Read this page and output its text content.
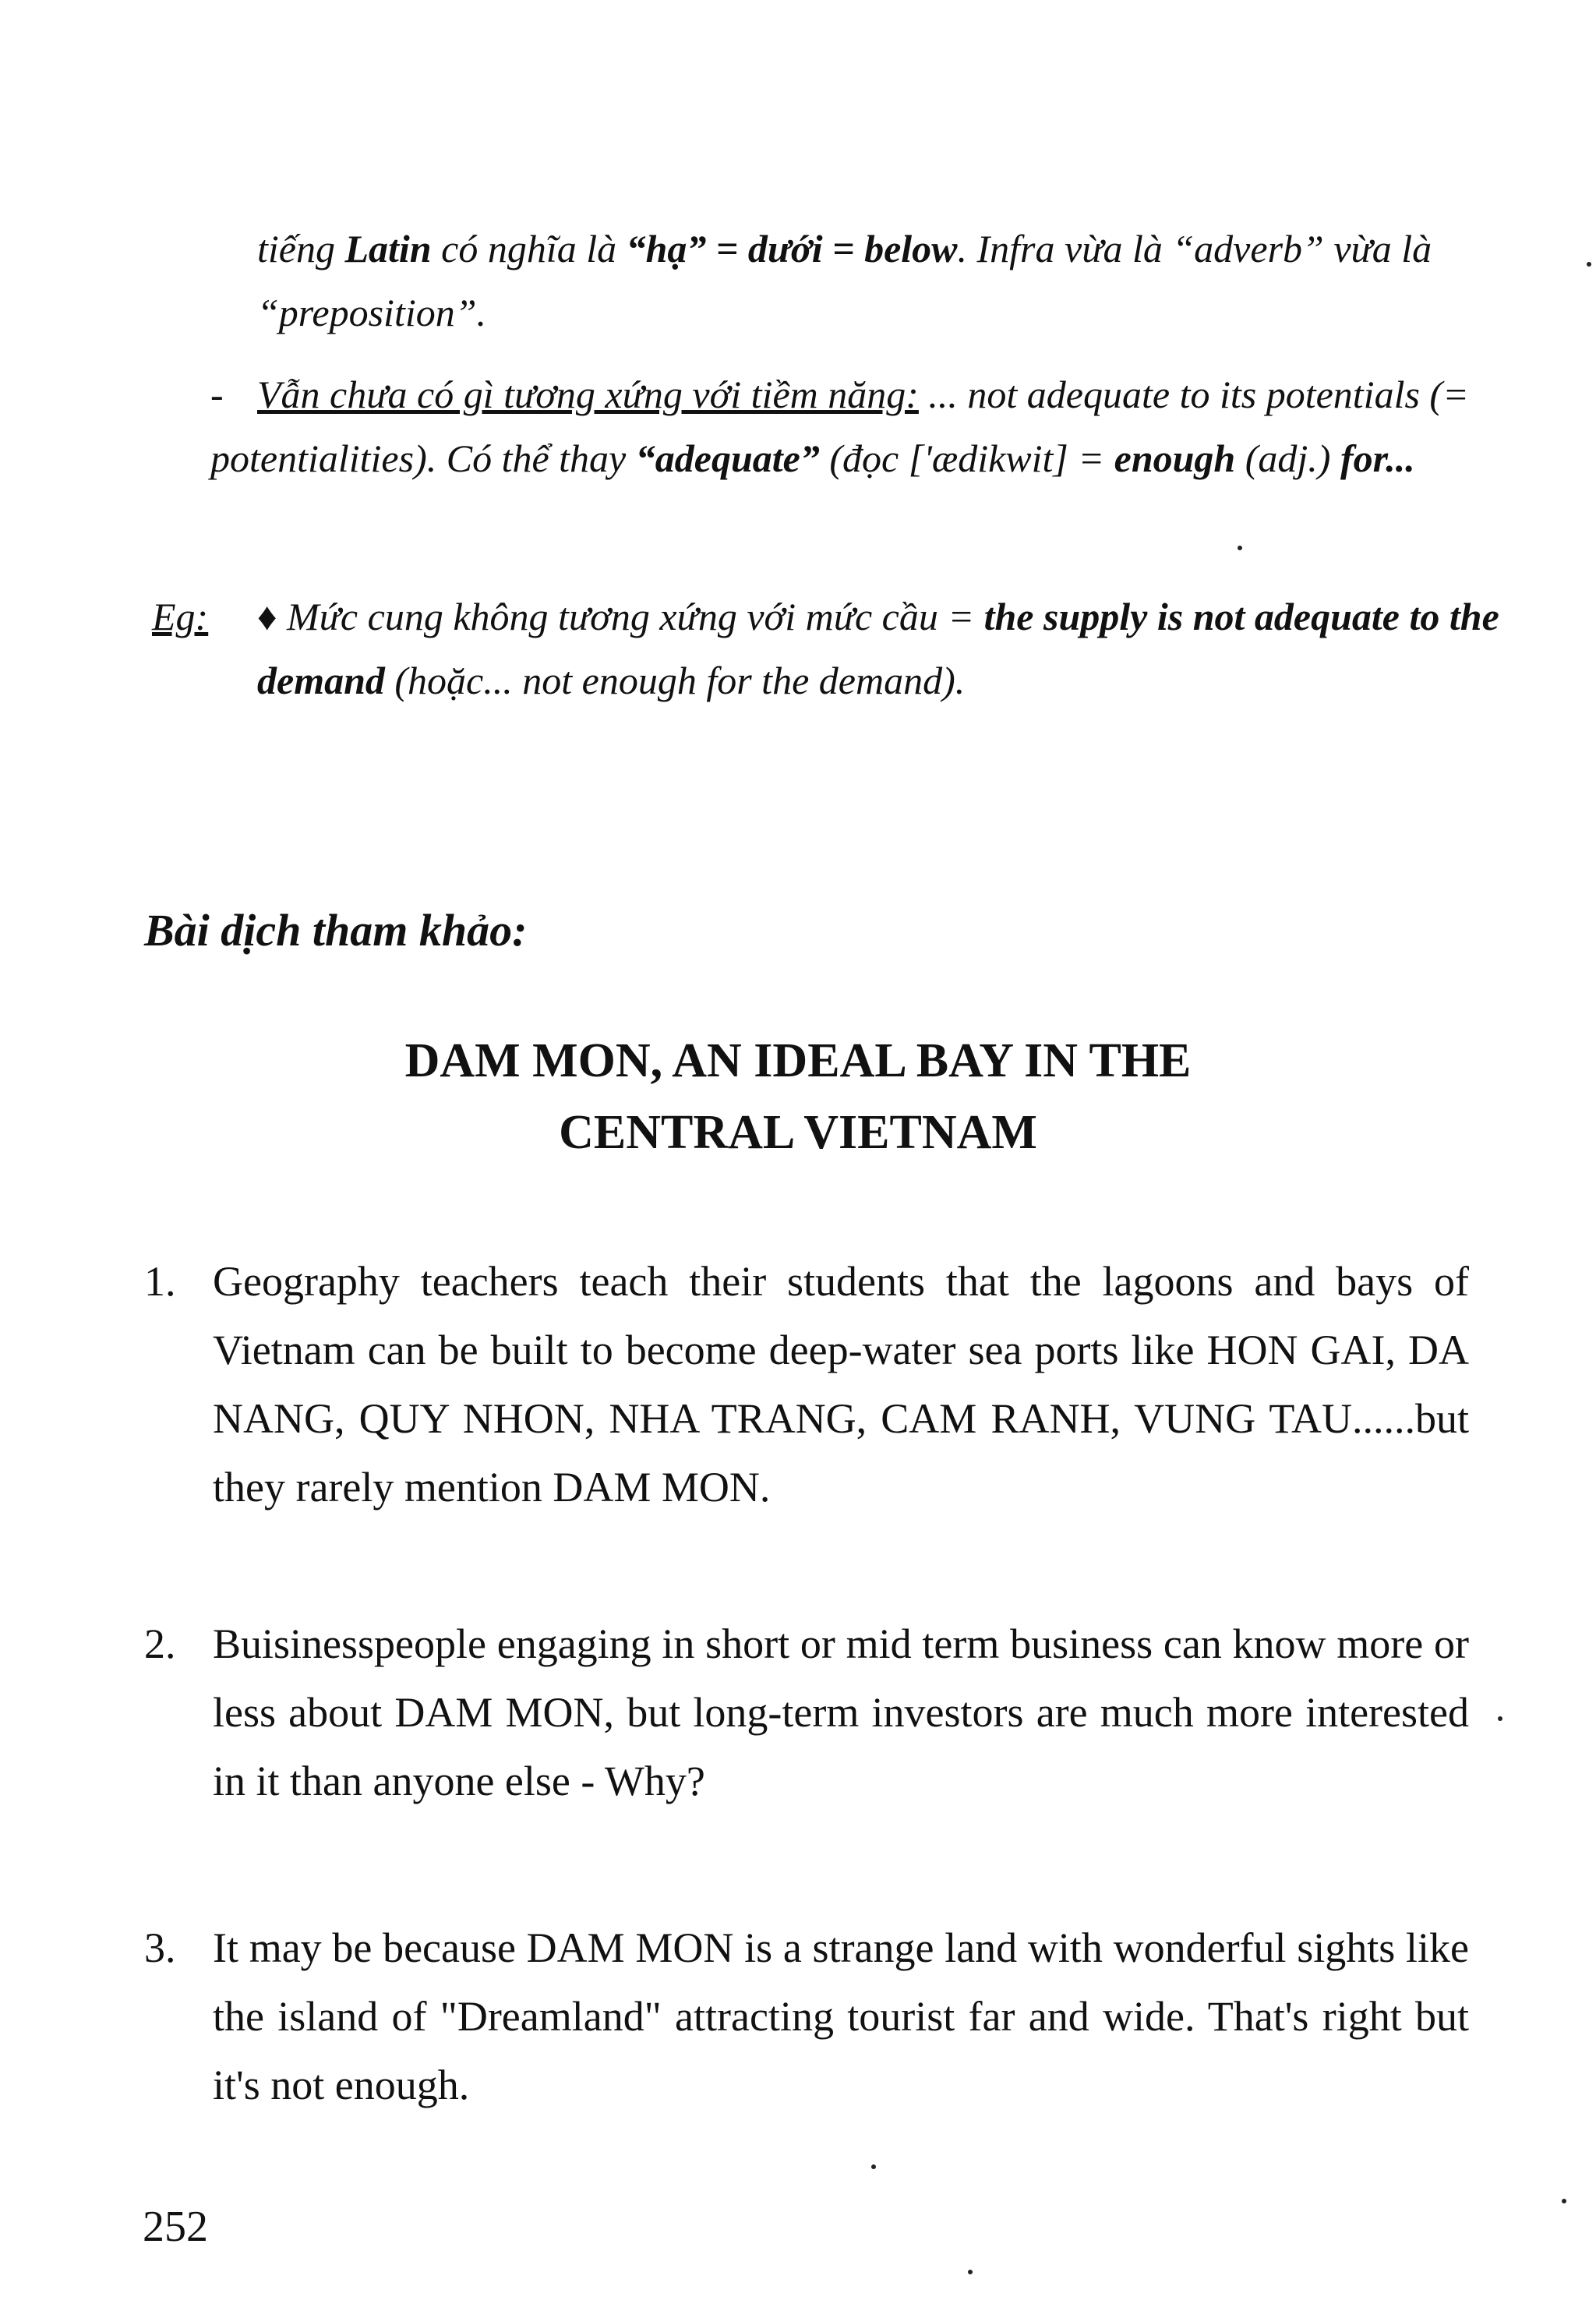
tiếng Latin có nghĩa là “hạ” = dưới = below. Infra vừa là “adverb” vừa là “preposition”.
- Vẫn chưa có gì tương xứng với tiềm năng: ... not adequate to its potentials (= potentialities). Có thể thay “adequate” (đọc ['ædikwit] = enough (adj.) for...
Eg:	♦ Mức cung không tương xứng với mức cầu = the supply is not adequate to the demand (hoặc... not enough for the demand).
Bài dịch tham khảo:
DAM MON, AN IDEAL BAY IN THE
CENTRAL VIETNAM
1. Geography teachers teach their students that the lagoons and bays of Vietnam can be built to become deep-water sea ports like HON GAI, DA NANG, QUY NHON, NHA TRANG, CAM RANH, VUNG TAU......but they rarely mention DAM MON.
2. Buisinesspeople engaging in short or mid term business can know more or less about DAM MON, but long-term investors are much more interested in it than anyone else - Why?
3. It may be because DAM MON is a strange land with wonderful sights like the island of "Dreamland" attracting tourist far and wide. That's right but it's not enough.
252
